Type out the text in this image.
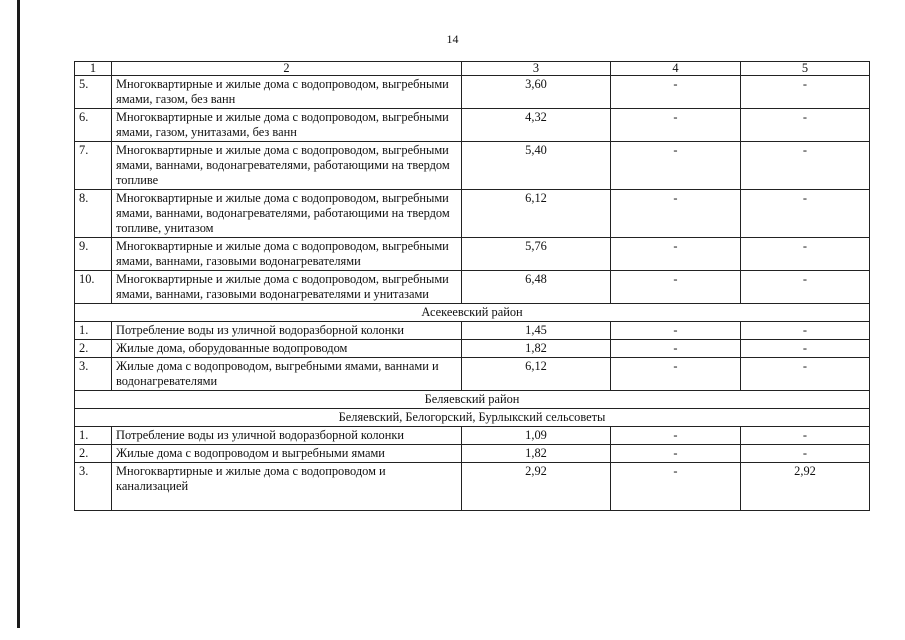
14
1	2	3	4	5
5.	Многоквартирные и жилые дома с водопроводом, выгребными ямами, газом, без ванн	3,60	-	-
6.	Многоквартирные и жилые дома с водопроводом, выгребными ямами, газом, унитазами, без ванн	4,32	-	-
7.	Многоквартирные и жилые дома с водопроводом, выгребными ямами, ваннами, водонагревателями, работающими на твердом топливе	5,40	-	-
8.	Многоквартирные и жилые дома с водопроводом, выгребными ямами, ваннами, водонагревателями, работающими на твердом топливе, унитазом	6,12	-	-
9.	Многоквартирные и жилые дома с водопроводом, выгребными ямами, ваннами, газовыми водонагревателями	5,76	-	-
10.	Многоквартирные и жилые дома с водопроводом, выгребными ямами, ваннами, газовыми водонагревателями и унитазами	6,48	-	-
Асекеевский район				
1.	Потребление воды из уличной водоразборной колонки	1,45	-	-
2.	Жилые дома, оборудованные водопроводом	1,82	-	-
3.	Жилые дома с водопроводом, выгребными ямами, ваннами и водонагревателями	6,12	-	-
Беляевский район				
Беляевский, Белогорский, Бурлыкский сельсоветы				
1.	Потребление воды из уличной водоразборной колонки	1,09	-	-
2.	Жилые дома с водопроводом и выгребными ямами	1,82	-	-
3.	Многоквартирные и жилые дома с водопроводом и канализацией	2,92	-	2,92
